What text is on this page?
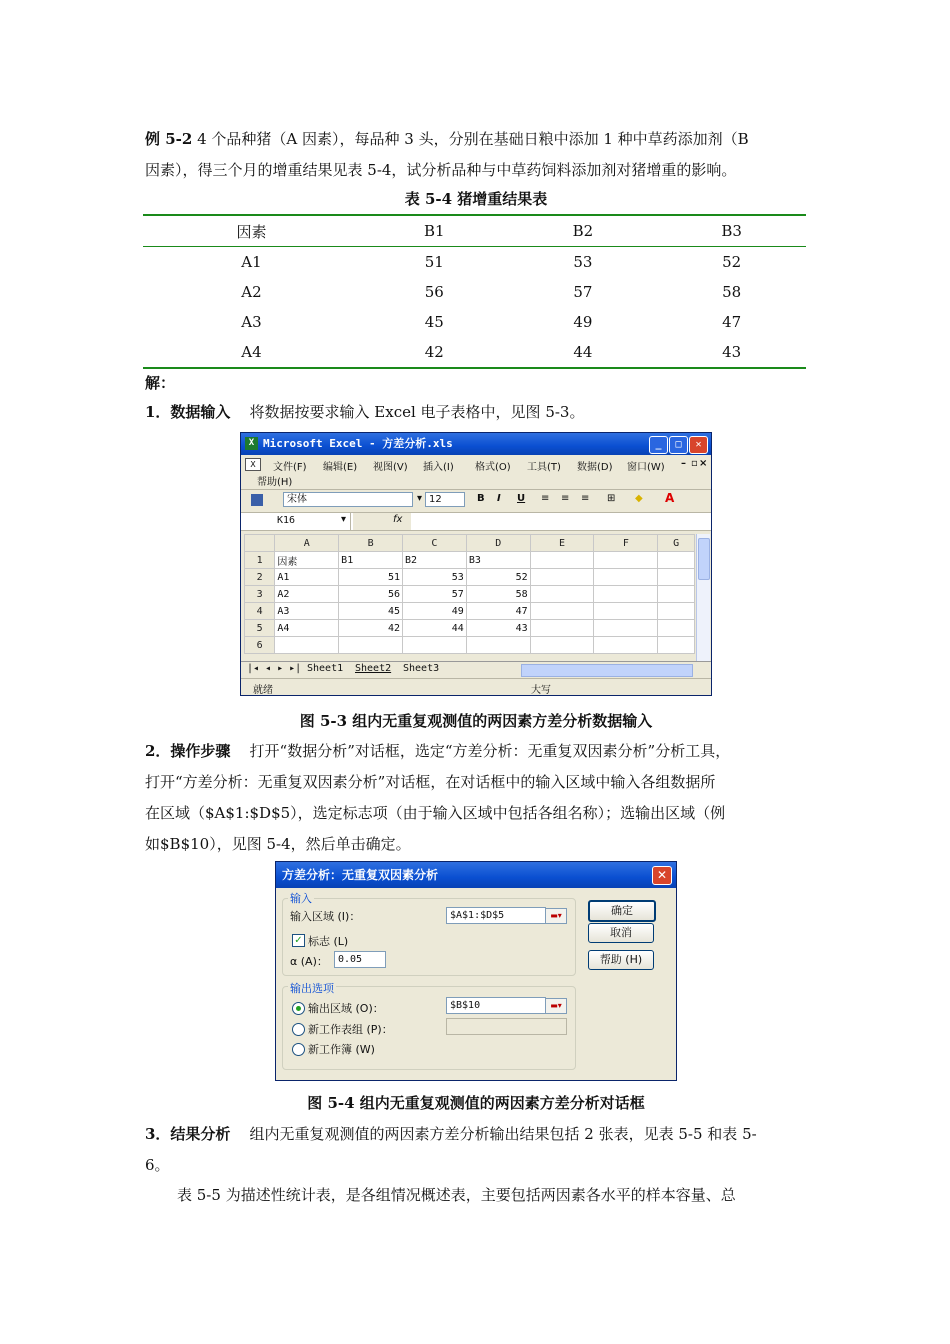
例 5-2 4 个品种猪（A 因素），每品种 3 头，分别在基础日粮中添加 1 种中草药添加剂（B
因素），得三个月的增重结果见表 5-4，试分析品种与中草药饲料添加剂对猪增重的影响。
表 5-4 猪增重结果表
因素	B1	B2	B3
A1	51	53	52
A2	56	57	58
A3	45	49	47
A4	42	44	43
解：
1．数据输入 将数据按要求输入 Excel 电子表格中，见图 5-3。
X Microsoft Excel - 方差分析.xls	_	□	✕
X	文件(F) 编辑(E) 视图(V) 插入(I) 格式(O) 工具(T) 数据(D) 窗口(W)
帮助(H)
– ▫ ×
宋体	▾ 12	B I U ≡ ≡ ≡ ⊞ ◆ A
K16	▾	fx
	A	B	C	D	E	F	G
1	因素	B1	B2	B3			
2	A1	51	53	52			
3	A2	56	57	58			
4	A3	45	49	47			
5	A4	42	44	43			
6							
|◂ ◂ ▸ ▸| Sheet1 Sheet2 Sheet3
就绪	大写
图 5-3 组内无重复观测值的两因素方差分析数据输入
2．操作步骤 打开“数据分析”对话框，选定“方差分析：无重复双因素分析”分析工具，
打开“方差分析：无重复双因素分析”对话框，在对话框中的输入区域中输入各组数据所
在区域（$A$1:$D$5），选定标志项（由于输入区域中包括各组名称）；选输出区域（例
如$B$10），见图 5-4，然后单击确定。
方差分析：无重复双因素分析	✕
输入
输入区域 (I)：	$A$1:$D$5	▬▾
✓ 标志 (L)
α (A)：	0.05
输出选项
输出区域 (O)：	$B$10	▬▾
新工作表组 (P)：
新工作簿 (W)
确定
取消
帮助 (H)
图 5-4 组内无重复观测值的两因素方差分析对话框
3．结果分析 组内无重复观测值的两因素方差分析输出结果包括 2 张表，见表 5-5 和表 5-
6。
表 5-5 为描述性统计表，是各组情况概述表，主要包括两因素各水平的样本容量、总
